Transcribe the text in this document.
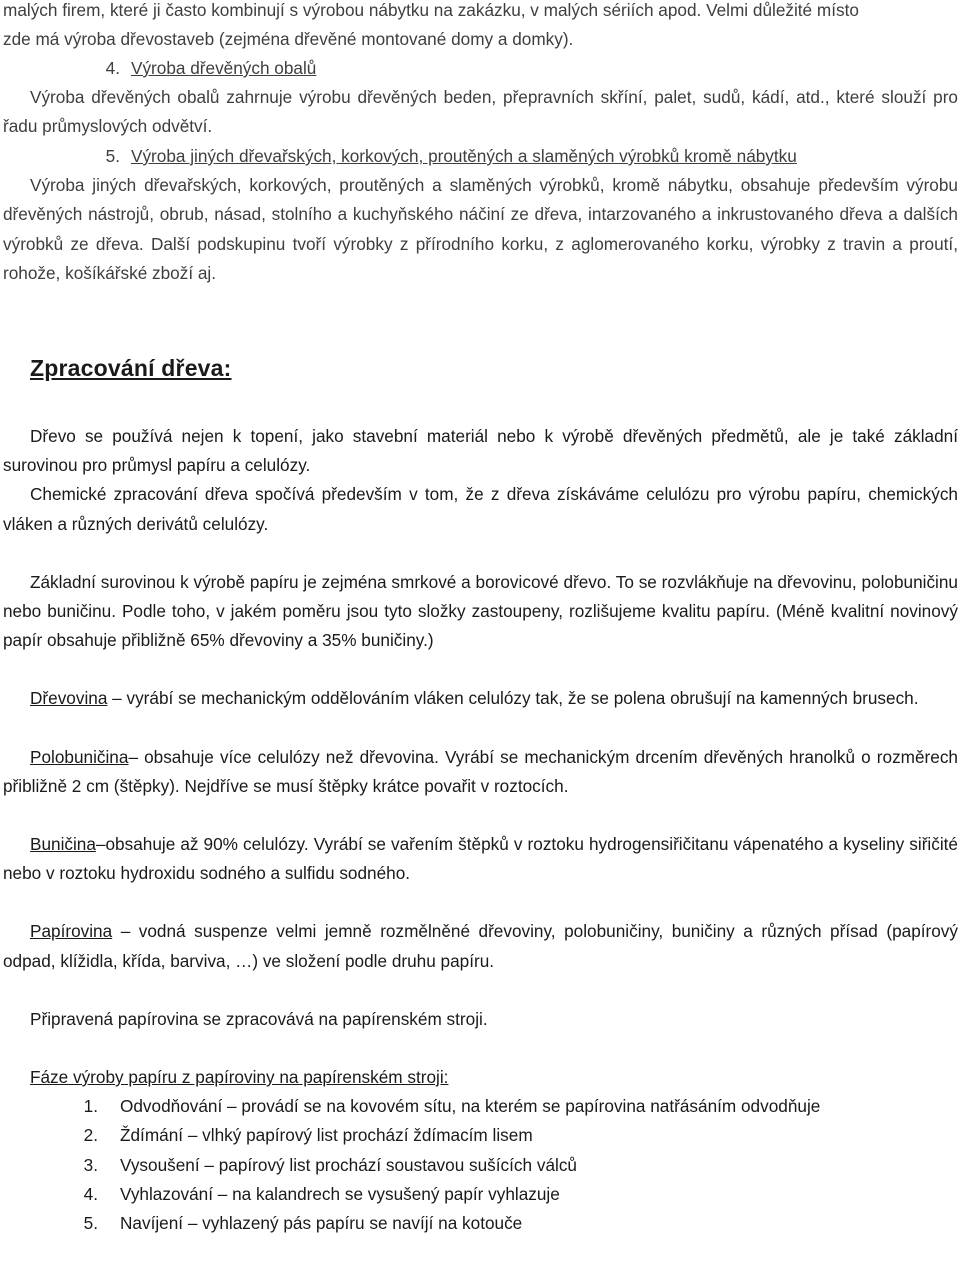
malých firem, které ji často kombinují s výrobou nábytku na zakázku, v malých sériích apod. Velmi důležité místo
zde má výroba dřevostaveb (zejména dřevěné montované domy a domky).
4. Výroba dřevěných obalů

Výroba dřevěných obalů zahrnuje výrobu dřevěných beden, přepravních skříní, palet, sudů, kádí, atd., které slouží pro řadu průmyslových odvětví.

5. Výroba jiných dřevařských, korkových, proutěných a slaměných výrobků kromě nábytku

Výroba jiných dřevařských, korkových, proutěných a slaměných výrobků, kromě nábytku, obsahuje především výrobu dřevěných nástrojů, obrub, násad, stolního a kuchyňského náčiní ze dřeva, intarzovaného a inkrustovaného dřeva a dalších výrobků ze dřeva. Další podskupinu tvoří výrobky z přírodního korku, z aglomerovaného korku, výrobky z travin a proutí, rohože, košíkářské zboží aj.

Zpracování dřeva:

Dřevo se používá nejen k topení, jako stavební materiál nebo k výrobě dřevěných předmětů, ale je také základní surovinou pro průmysl papíru a celulózy.

Chemické zpracování dřeva spočívá především v tom, že z dřeva získáváme celulózu pro výrobu papíru, chemických vláken a různých derivátů celulózy.

Základní surovinou k výrobě papíru je zejména smrkové a borovicové dřevo. To se rozvlákňuje na dřevovinu, polobuničinu nebo buničinu. Podle toho, v jakém poměru jsou tyto složky zastoupeny, rozlišujeme kvalitu papíru. (Méně kvalitní novinový papír obsahuje přibližně 65% dřevoviny a 35% buničiny.)

Dřevovina – vyrábí se mechanickým oddělováním vláken celulózy tak, že se polena obrušují na kamenných brusech.

Polobuničina– obsahuje více celulózy než dřevovina. Vyrábí se mechanickým drcením dřevěných hranolků o rozměrech přibližně 2 cm (štěpky). Nejdříve se musí štěpky krátce povařit v roztocích.

Buničina–obsahuje až 90% celulózy. Vyrábí se vařením štěpků v roztoku hydrogensiřičitanu vápenatého a kyseliny siřičité nebo v roztoku hydroxidu sodného a sulfidu sodného.

Papírovina – vodná suspenze velmi jemně rozmělněné dřevoviny, polobuničiny, buničiny a různých přísad (papírový odpad, klížidla, křída, barviva, …) ve složení podle druhu papíru.

Připravená papírovina se zpracovává na papírenském stroji.

Fáze výroby papíru z papíroviny na papírenském stroji:

1.	Odvodňování – provádí se na kovovém sítu, na kterém se papírovina natřásáním odvodňuje
2.	Ždímání – vlhký papírový list prochází ždímacím lisem
3.	Vysoušení – papírový list prochází soustavou sušících válců
4.	Vyhlazování – na kalandrech se vysušený papír vyhlazuje
5.	Navíjení – vyhlazený pás papíru se navíjí na kotouče
